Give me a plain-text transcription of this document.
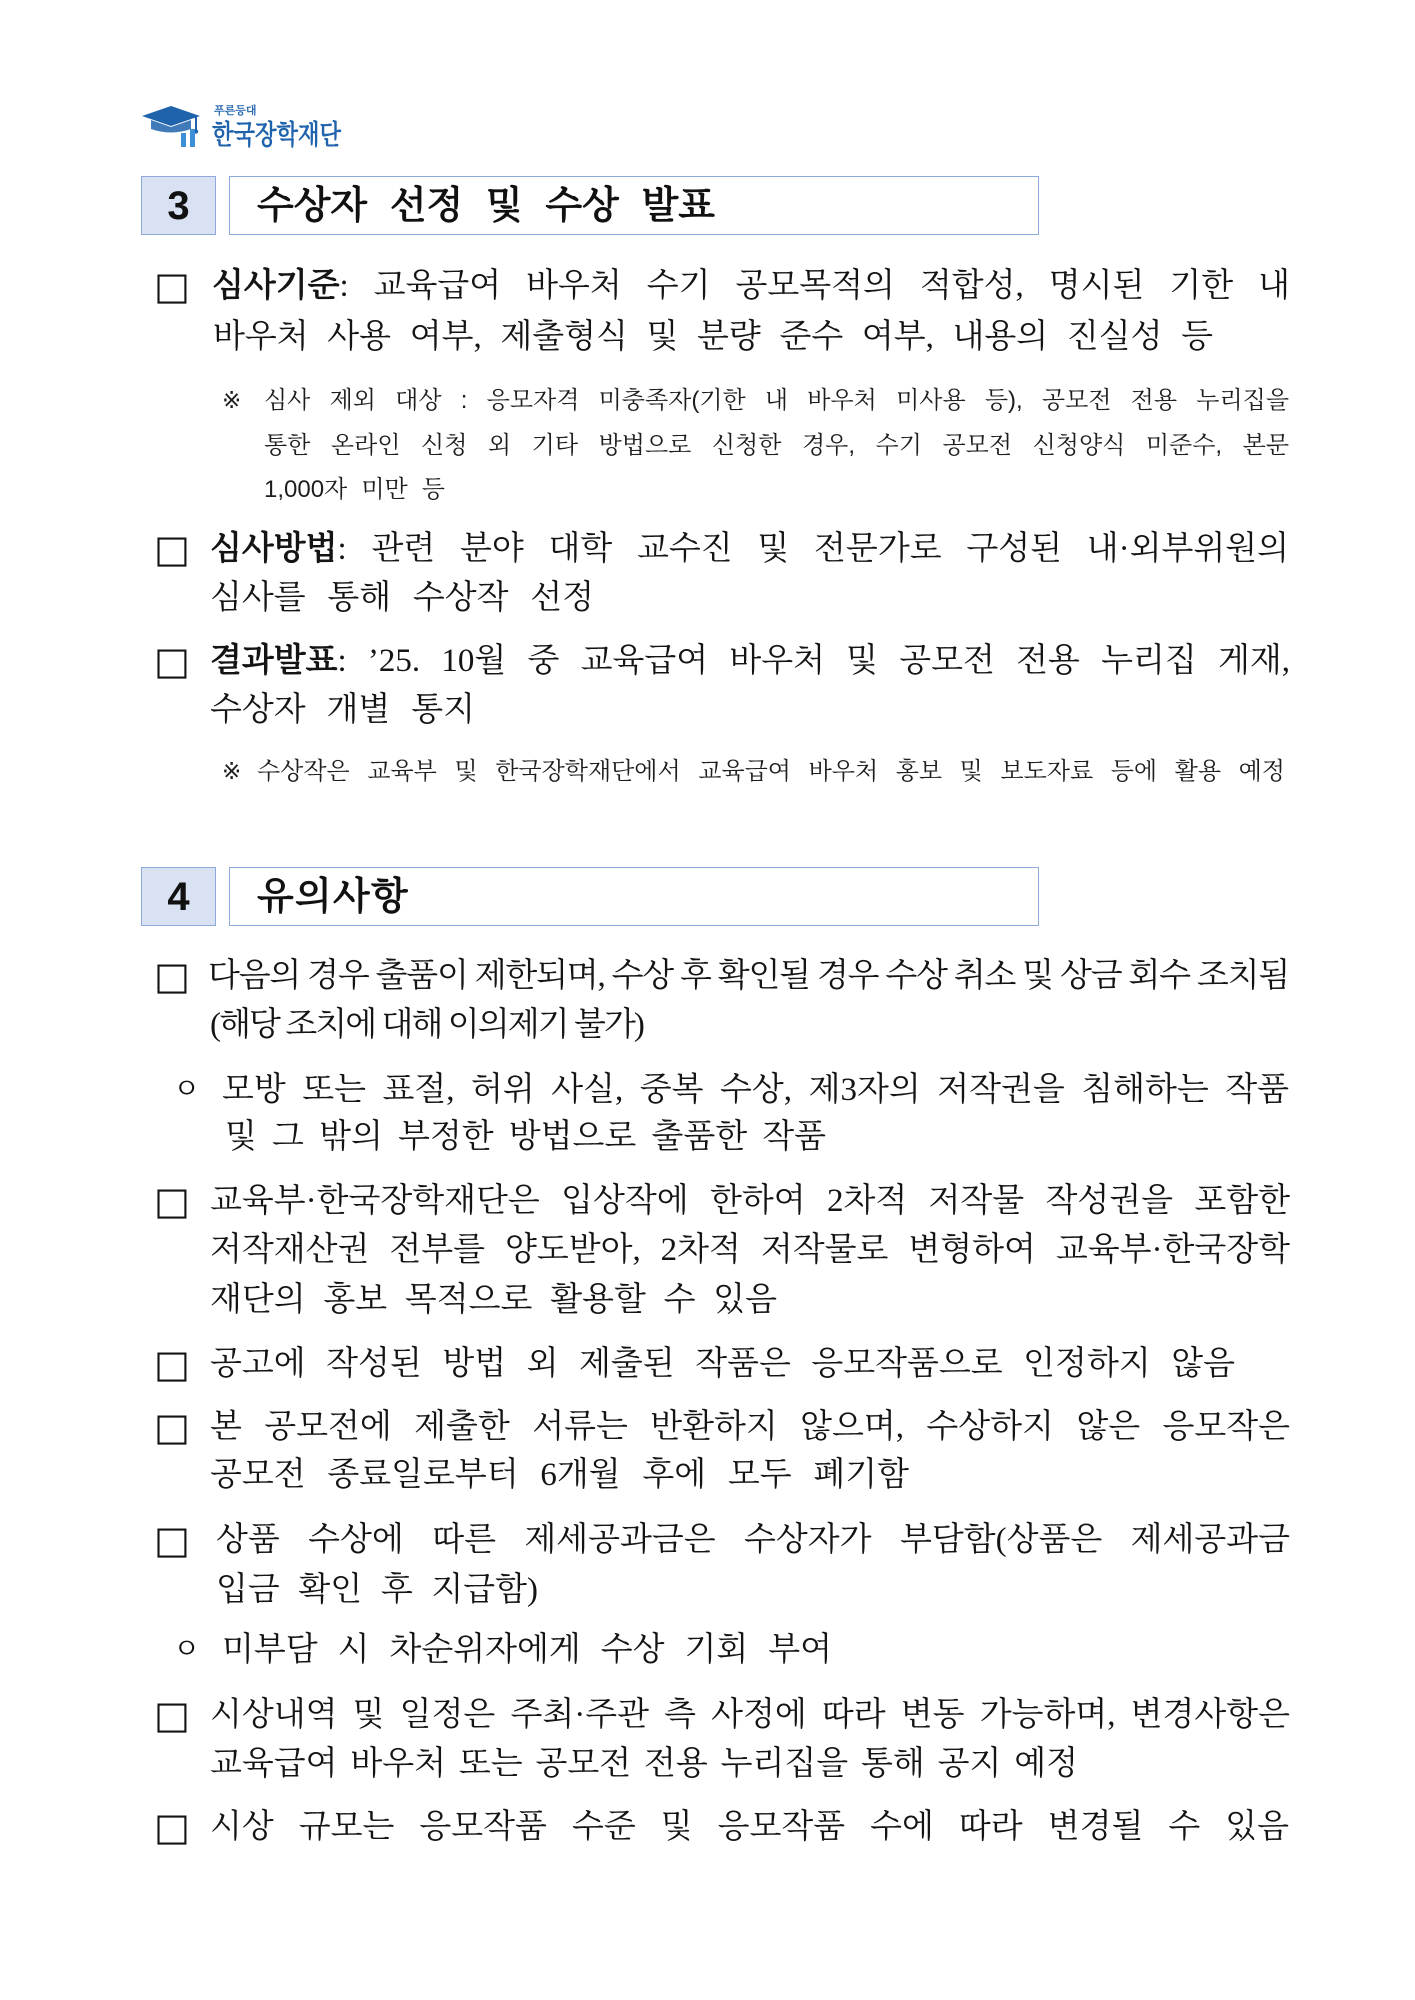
푸른등대
한국장학재단
3	수상자 선정 및 수상 발표
□ 심사기준: 교육급여 바우처 수기 공모목적의 적합성, 명시된 기한 내
바우처 사용 여부, 제출형식 및 분량 준수 여부, 내용의 진실성 등
※ 심사 제외 대상 : 응모자격 미충족자(기한 내 바우처 미사용 등), 공모전 전용 누리집을
통한 온라인 신청 외 기타 방법으로 신청한 경우, 수기 공모전 신청양식 미준수, 본문
1,000자 미만 등
□ 심사방법: 관련 분야 대학 교수진 및 전문가로 구성된 내·외부위원의
심사를 통해 수상작 선정
□ 결과발표: ’25. 10월 중 교육급여 바우처 및 공모전 전용 누리집 게재,
수상자 개별 통지
※ 수상작은 교육부 및 한국장학재단에서 교육급여 바우처 홍보 및 보도자료 등에 활용 예정
4	유의사항
□ 다음의 경우 출품이 제한되며, 수상 후 확인될 경우 수상 취소 및 상금 회수 조치됨
(해당 조치에 대해 이의제기 불가)
ㅇ 모방 또는 표절, 허위 사실, 중복 수상, 제3자의 저작권을 침해하는 작품
및 그 밖의 부정한 방법으로 출품한 작품
□ 교육부·한국장학재단은 입상작에 한하여 2차적 저작물 작성권을 포함한
저작재산권 전부를 양도받아, 2차적 저작물로 변형하여 교육부·한국장학
재단의 홍보 목적으로 활용할 수 있음
□ 공고에 작성된 방법 외 제출된 작품은 응모작품으로 인정하지 않음
□ 본 공모전에 제출한 서류는 반환하지 않으며, 수상하지 않은 응모작은
공모전 종료일로부터 6개월 후에 모두 폐기함
□ 상품 수상에 따른 제세공과금은 수상자가 부담함(상품은 제세공과금
입금 확인 후 지급함)
ㅇ 미부담 시 차순위자에게 수상 기회 부여
□ 시상내역 및 일정은 주최·주관 측 사정에 따라 변동 가능하며, 변경사항은
교육급여 바우처 또는 공모전 전용 누리집을 통해 공지 예정
□ 시상 규모는 응모작품 수준 및 응모작품 수에 따라 변경될 수 있음
